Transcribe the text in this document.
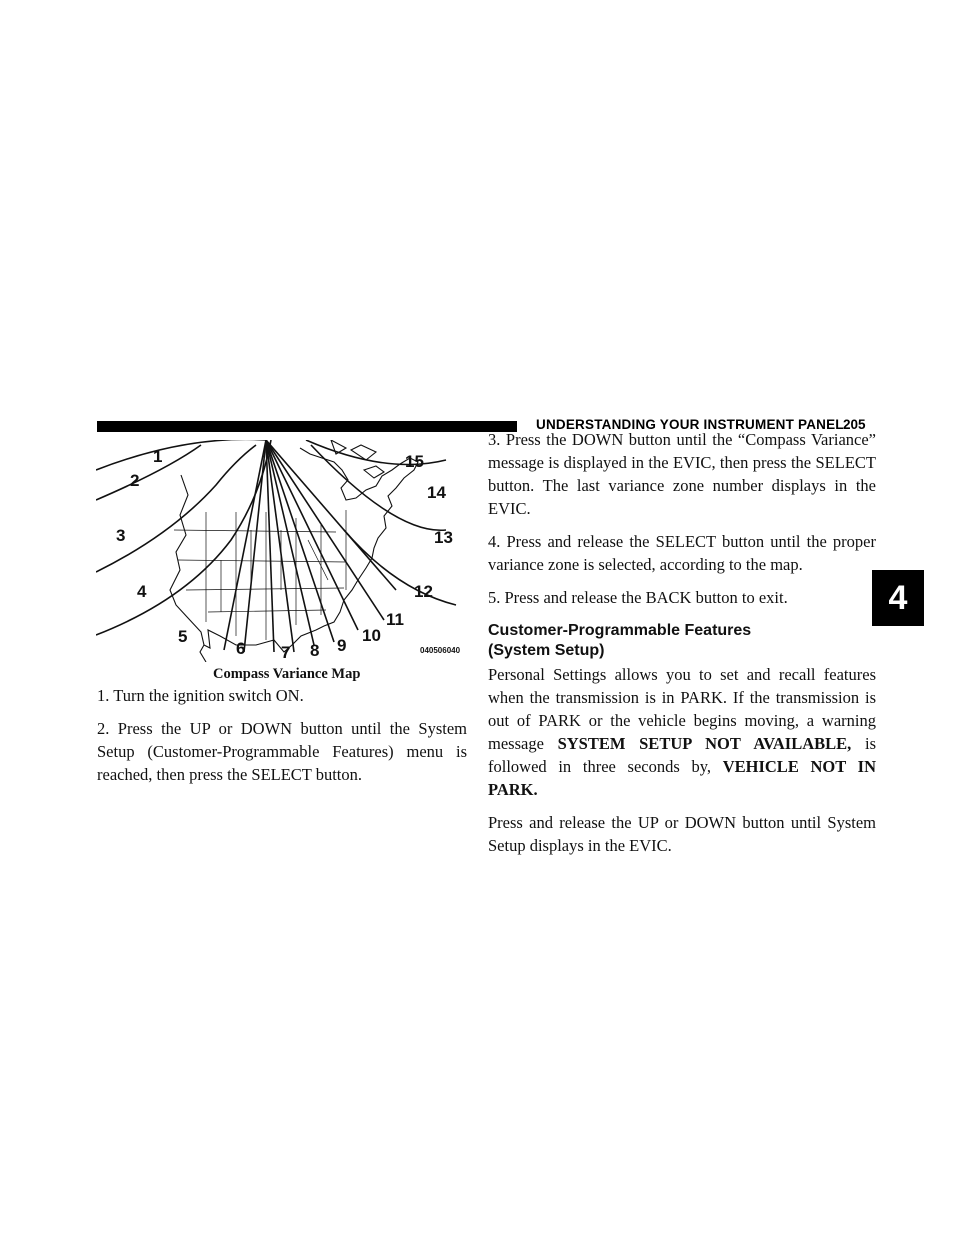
UNDERSTANDING YOUR INSTRUMENT PANEL 205
4
1
2
3
4
5
6 7 8 9
10
11
12
13
14
15
040506040
Compass Variance Map

1. Turn the ignition switch ON.

2. Press the UP or DOWN button until the System Setup (Customer-Programmable Features) menu is reached, then press the SELECT button.

3. Press the DOWN button until the “Compass Variance” message is displayed in the EVIC, then press the SELECT button. The last variance zone number displays in the EVIC.

4. Press and release the SELECT button until the proper variance zone is selected, according to the map.

5. Press and release the BACK button to exit.

Customer-Programmable Features
(System Setup)

Personal Settings allows you to set and recall features when the transmission is in PARK. If the transmission is out of PARK or the vehicle begins moving, a warning message SYSTEM SETUP NOT AVAILABLE, is followed in three seconds by, VEHICLE NOT IN PARK.

Press and release the UP or DOWN button until System Setup displays in the EVIC.
